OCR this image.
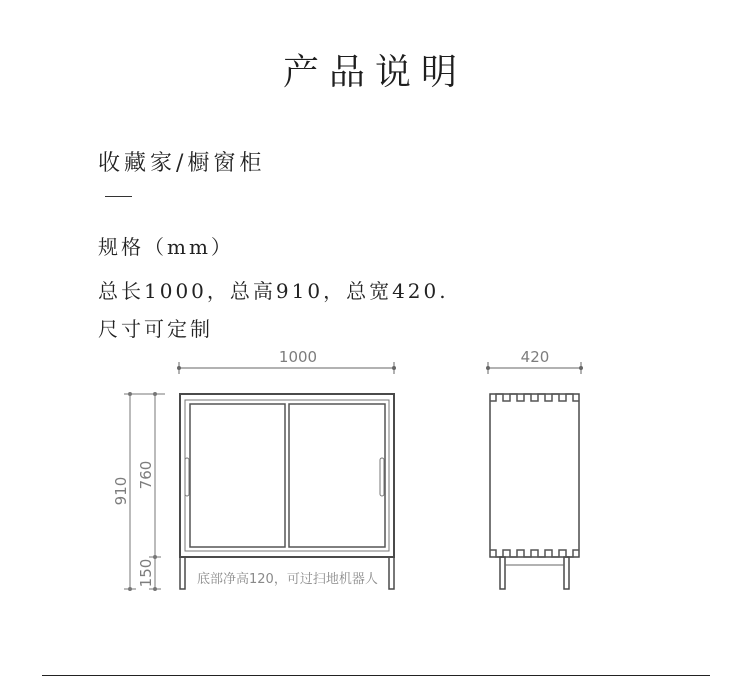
产品说明
收藏家/橱窗柜
规格（mm）
总长1000，总高910，总宽420.
尺寸可定制
1000
910
760
150	底部净高120，可过扫地机器人
420
